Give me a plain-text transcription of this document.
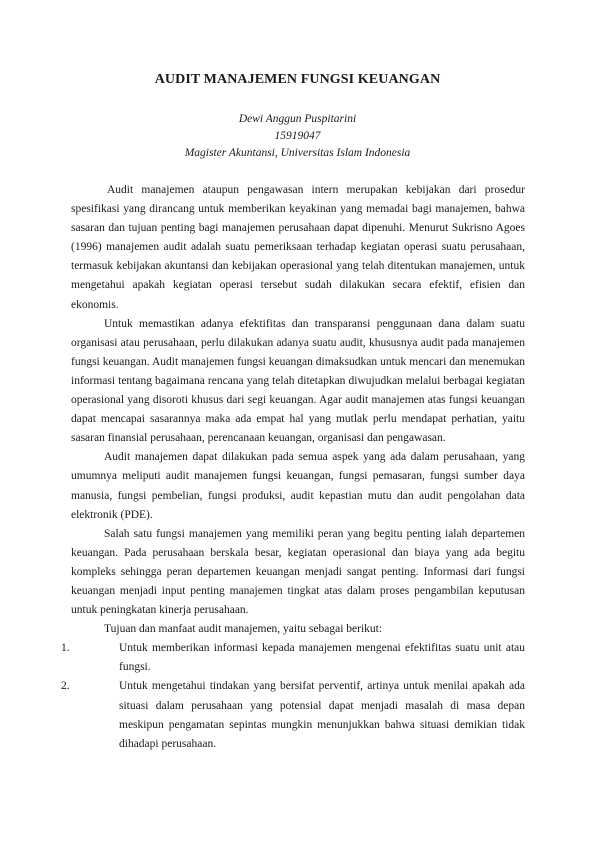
AUDIT MANAJEMEN FUNGSI KEUANGAN
Dewi Anggun Puspitarini
15919047
Magister Akuntansi, Universitas Islam Indonesia

Audit manajemen ataupun pengawasan intern merupakan kebijakan dari prosedur spesifikasi yang dirancang untuk memberikan keyakinan yang memadai bagi manajemen, bahwa sasaran dan tujuan penting bagi manajemen perusahaan dapat dipenuhi. Menurut Sukrisno Agoes (1996) manajemen audit adalah suatu pemeriksaan terhadap kegiatan operasi suatu perusahaan, termasuk kebijakan akuntansi dan kebijakan operasional yang telah ditentukan manajemen, untuk mengetahui apakah kegiatan operasi tersebut sudah dilakukan secara efektif, efisien dan ekonomis.

Untuk memastikan adanya efektifitas dan transparansi penggunaan dana dalam suatu organisasi atau perusahaan, perlu dilakukan adanya suatu audit, khususnya audit pada manajemen fungsi keuangan. Audit manajemen fungsi keuangan dimaksudkan untuk mencari dan menemukan informasi tentang bagaimana rencana yang telah ditetapkan diwujudkan melalui berbagai kegiatan operasional yang disoroti khusus dari segi keuangan. Agar audit manajemen atas fungsi keuangan dapat mencapai sasarannya maka ada empat hal yang mutlak perlu mendapat perhatian, yaitu sasaran finansial perusahaan, perencanaan keuangan, organisasi dan pengawasan.

Audit manajemen dapat dilakukan pada semua aspek yang ada dalam perusahaan, yang umumnya meliputi audit manajemen fungsi keuangan, fungsi pemasaran, fungsi sumber daya manusia, fungsi pembelian, fungsi produksi, audit kepastian mutu dan audit pengolahan data elektronik (PDE).

Salah satu fungsi manajemen yang memiliki peran yang begitu penting ialah departemen keuangan. Pada perusahaan berskala besar, kegiatan operasional dan biaya yang ada begitu kompleks sehingga peran departemen keuangan menjadi sangat penting. Informasi dari fungsi keuangan menjadi input penting manajemen tingkat atas dalam proses pengambilan keputusan untuk peningkatan kinerja perusahaan.

Tujuan dan manfaat audit manajemen, yaitu sebagai berikut:

1.	Untuk memberikan informasi kepada manajemen mengenai efektifitas suatu unit atau fungsi.
2.	Untuk mengetahui tindakan yang bersifat perventif, artinya untuk menilai apakah ada situasi dalam perusahaan yang potensial dapat menjadi masalah di masa depan meskipun pengamatan sepintas mungkin menunjukkan bahwa situasi demikian tidak dihadapi perusahaan.
